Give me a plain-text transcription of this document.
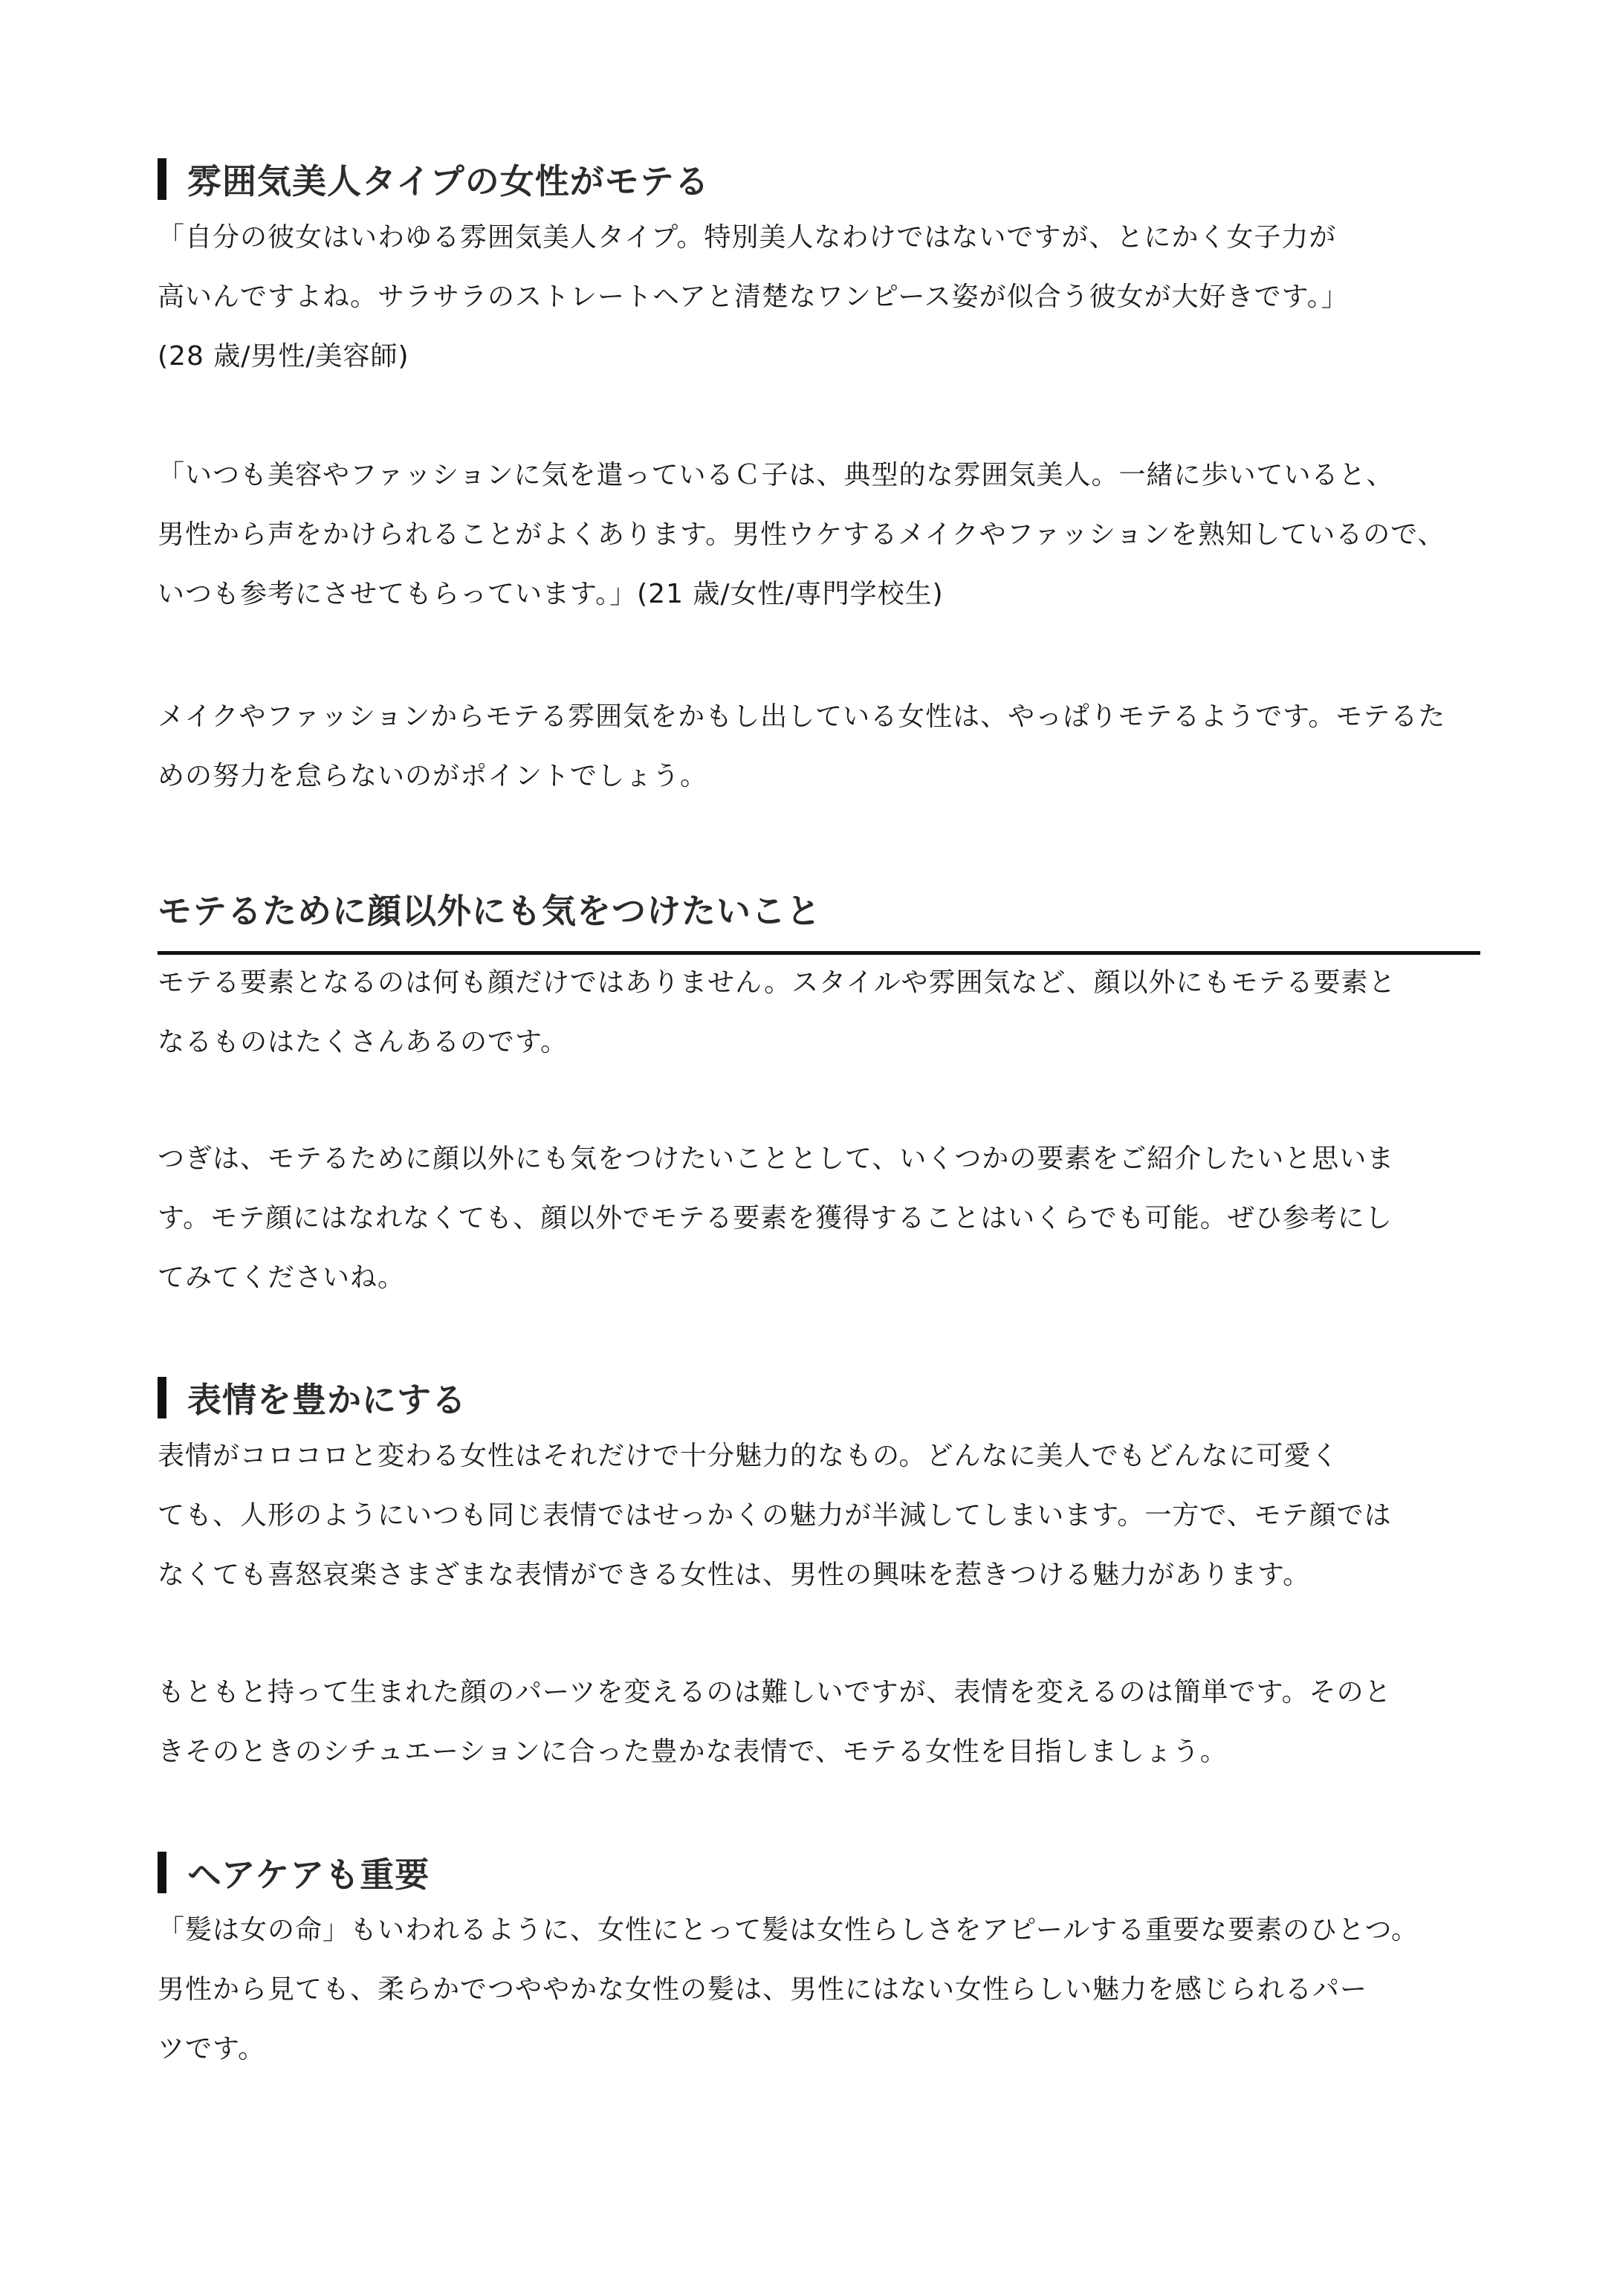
雰囲気美人タイプの女性がモテる
「自分の彼女はいわゆる雰囲気美人タイプ。特別美人なわけではないですが、とにかく女子力が
高いんですよね。サラサラのストレートヘアと清楚なワンピース姿が似合う彼女が大好きです。」
(28 歳/男性/美容師)
「いつも美容やファッションに気を遣っているＣ子は、典型的な雰囲気美人。一緒に歩いていると、
男性から声をかけられることがよくあります。男性ウケするメイクやファッションを熟知しているので、
いつも参考にさせてもらっています。」(21 歳/女性/専門学校生)
メイクやファッションからモテる雰囲気をかもし出している女性は、やっぱりモテるようです。モテるた
めの努力を怠らないのがポイントでしょう。
モテるために顔以外にも気をつけたいこと
モテる要素となるのは何も顔だけではありません。スタイルや雰囲気など、顔以外にもモテる要素と
なるものはたくさんあるのです。
つぎは、モテるために顔以外にも気をつけたいこととして、いくつかの要素をご紹介したいと思いま
す。モテ顔にはなれなくても、顔以外でモテる要素を獲得することはいくらでも可能。ぜひ参考にし
てみてくださいね。
表情を豊かにする
表情がコロコロと変わる女性はそれだけで十分魅力的なもの。どんなに美人でもどんなに可愛く
ても、人形のようにいつも同じ表情ではせっかくの魅力が半減してしまいます。一方で、モテ顔では
なくても喜怒哀楽さまざまな表情ができる女性は、男性の興味を惹きつける魅力があります。
もともと持って生まれた顔のパーツを変えるのは難しいですが、表情を変えるのは簡単です。そのと
きそのときのシチュエーションに合った豊かな表情で、モテる女性を目指しましょう。
ヘアケアも重要
「髪は女の命」もいわれるように、女性にとって髪は女性らしさをアピールする重要な要素のひとつ。
男性から見ても、柔らかでつややかな女性の髪は、男性にはない女性らしい魅力を感じられるパー
ツです。
